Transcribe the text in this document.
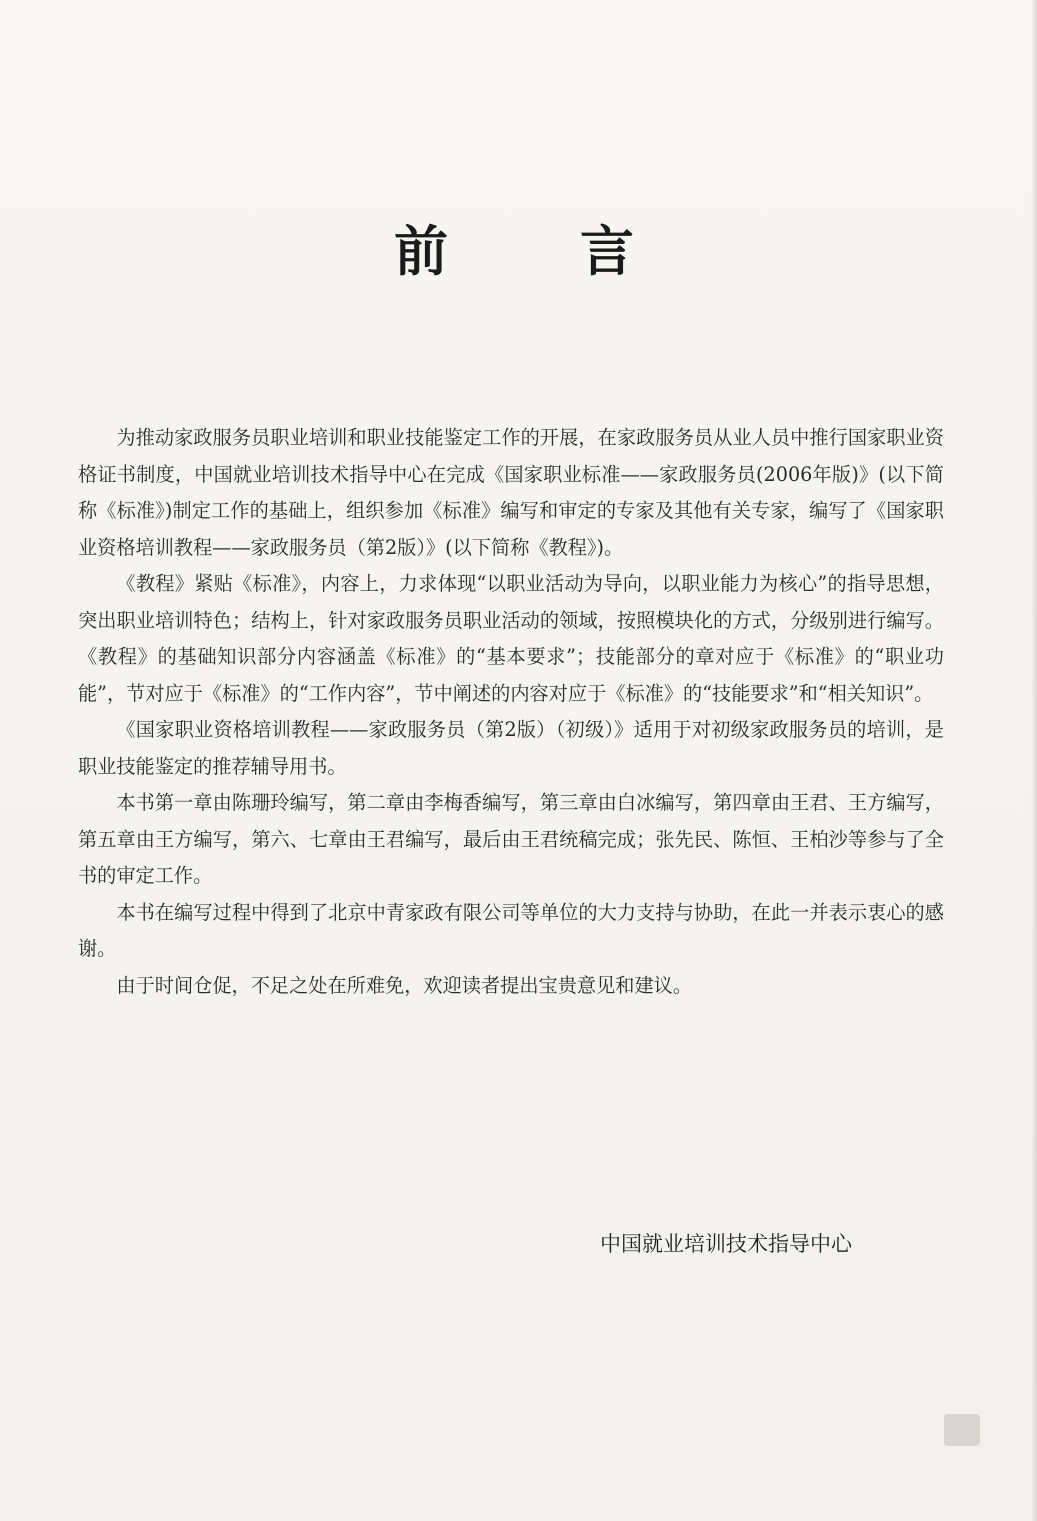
前 言

为推动家政服务员职业培训和职业技能鉴定工作的开展，在家政服务员从业人员中推行国家职业资格证书制度，中国就业培训技术指导中心在完成《国家职业标准——家政服务员(2006年版)》(以下简称《标准》)制定工作的基础上，组织参加《标准》编写和审定的专家及其他有关专家，编写了《国家职业资格培训教程——家政服务员（第2版）》(以下简称《教程》)。

《教程》紧贴《标准》，内容上，力求体现“以职业活动为导向，以职业能力为核心”的指导思想，突出职业培训特色；结构上，针对家政服务员职业活动的领域，按照模块化的方式，分级别进行编写。《教程》的基础知识部分内容涵盖《标准》的“基本要求”；技能部分的章对应于《标准》的“职业功能”，节对应于《标准》的“工作内容”，节中阐述的内容对应于《标准》的“技能要求”和“相关知识”。

《国家职业资格培训教程——家政服务员（第2版）（初级）》适用于对初级家政服务员的培训，是职业技能鉴定的推荐辅导用书。

本书第一章由陈珊玲编写，第二章由李梅香编写，第三章由白冰编写，第四章由王君、王方编写，第五章由王方编写，第六、七章由王君编写，最后由王君统稿完成；张先民、陈恒、王柏沙等参与了全书的审定工作。

本书在编写过程中得到了北京中青家政有限公司等单位的大力支持与协助，在此一并表示衷心的感谢。

由于时间仓促，不足之处在所难免，欢迎读者提出宝贵意见和建议。

中国就业培训技术指导中心
